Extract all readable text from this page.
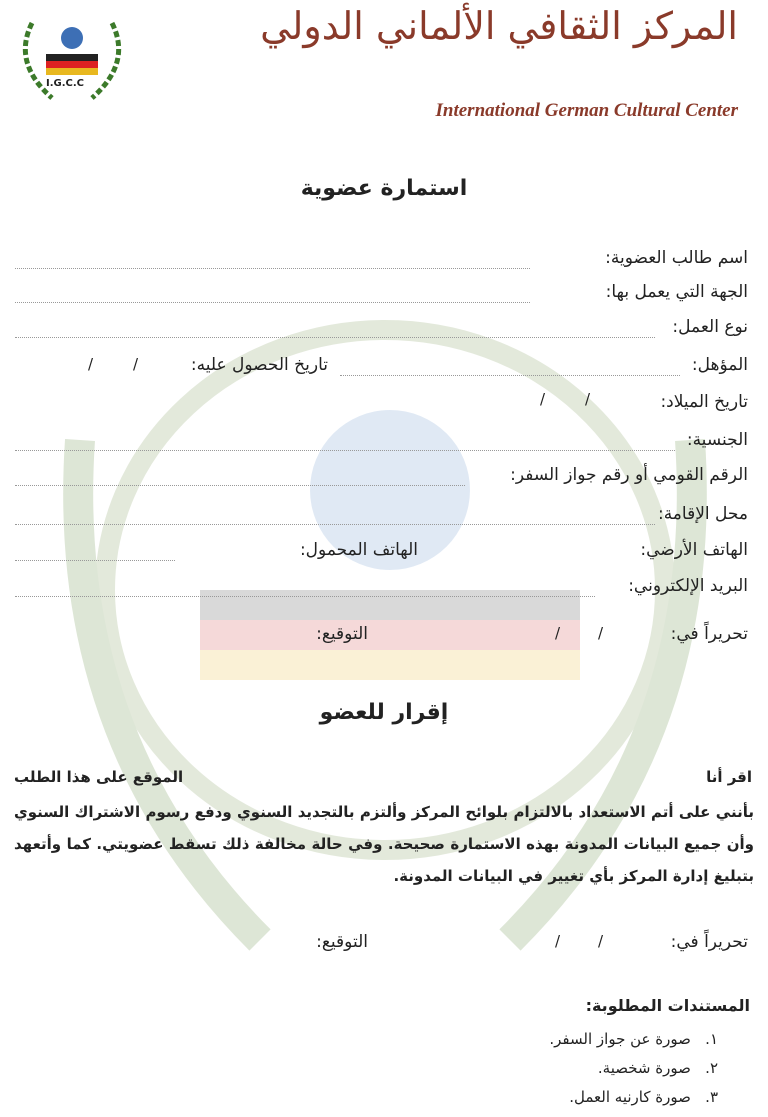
I.G.C.C
المركز الثقافي الألماني الدولي
International German Cultural Center
استمارة عضوية
اسم طالب العضوية:
الجهة التي يعمل بها:
نوع العمل:
المؤهل:
تاريخ الحصول عليه:
/	/
تاريخ الميلاد:
/	/
الجنسية:
الرقم القومي أو رقم جواز السفر:
محل الإقامة:
الهاتف الأرضي:
الهاتف المحمول:
البريد الإلكتروني:
تحريراً في:
/	/
التوقيع:
إقرار للعضو
اقر أنا
الموقع على هذا الطلب
بأنني على أتم الاستعداد بالالتزام بلوائح المركز وألتزم بالتجديد السنوي ودفع رسوم الاشتراك السنوي وأن جميع البيانات المدونة بهذه الاستمارة صحيحة. وفي حالة مخالفة ذلك تسقط عضويتي. كما وأتعهد بتبليغ إدارة المركز بأي تغيير في البيانات المدونة.
تحريراً في:
/	/
التوقيع:
المستندات المطلوبة:
١.   صورة عن جواز السفر.
٢.   صورة شخصية.
٣.   صورة كارنيه العمل.
